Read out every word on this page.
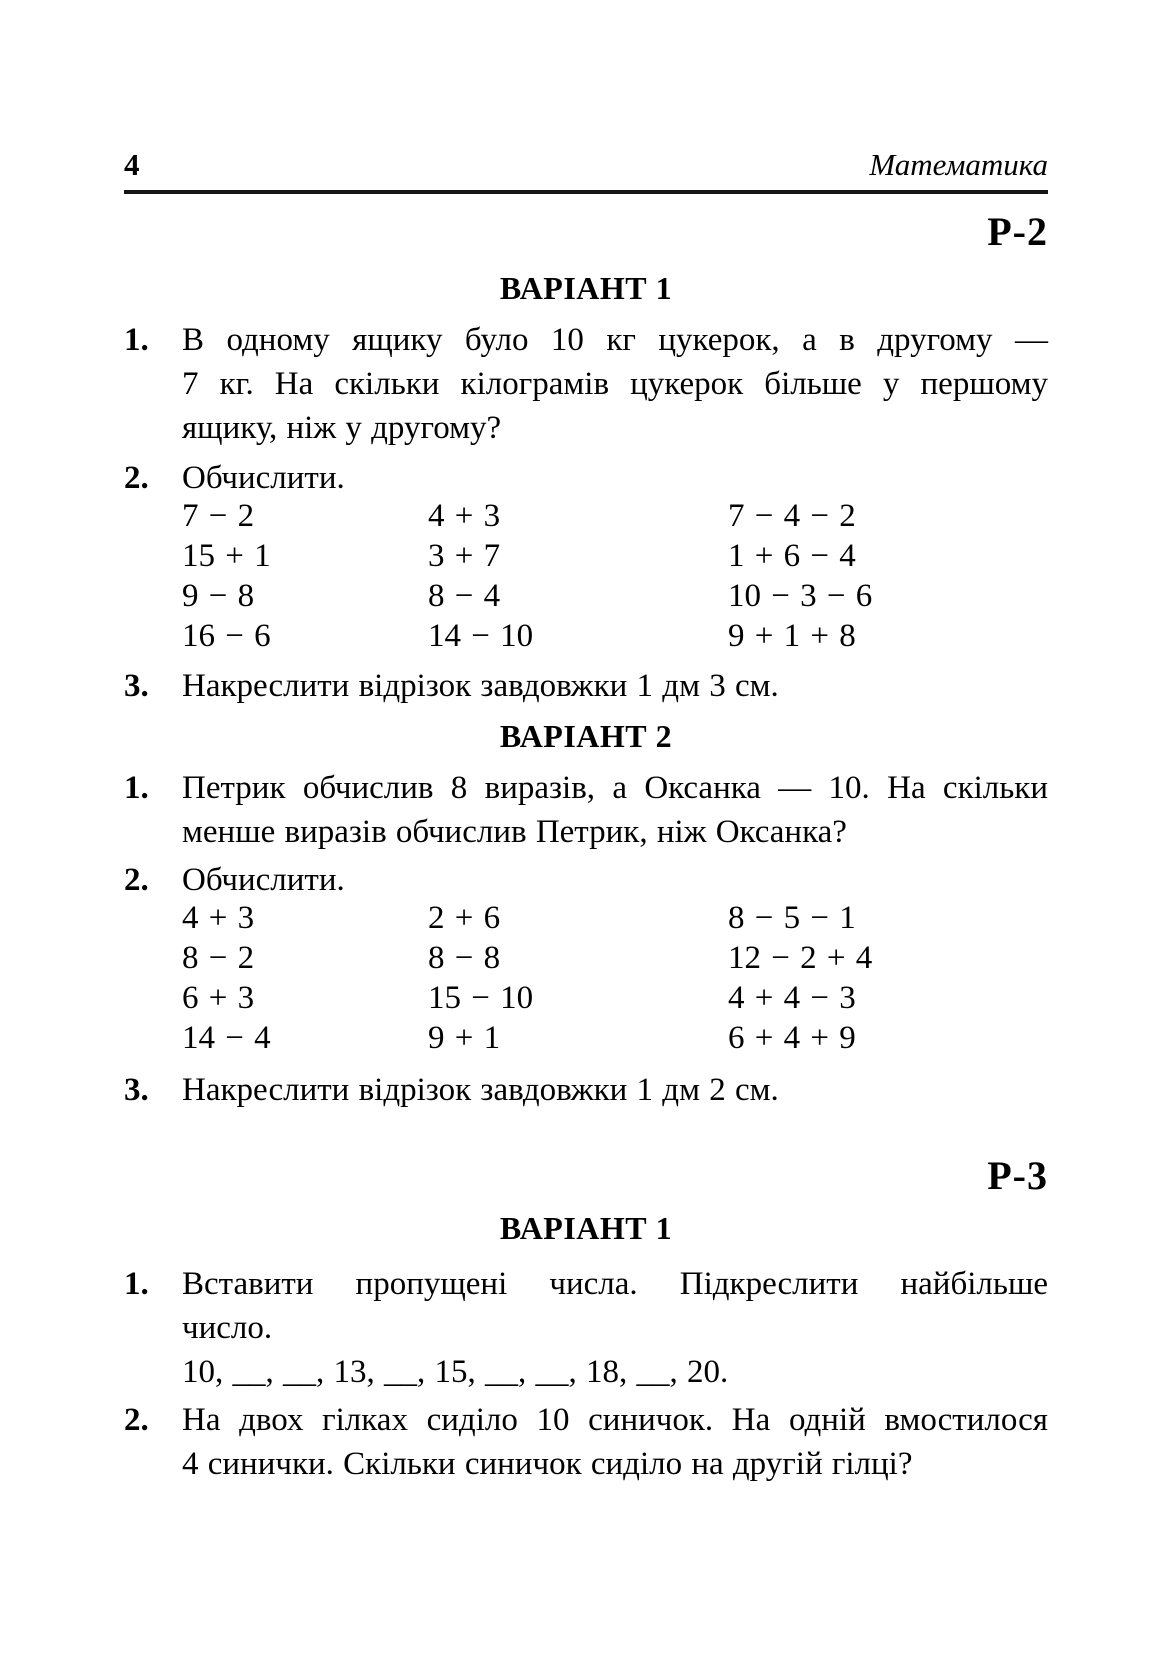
4	Математика
Р-2
ВАРІАНТ 1
1. В одному ящику було 10 кг цукерок, а в другому —
7 кг. На скільки кілограмів цукерок більше у першому
ящику, ніж у другому?
2. Обчислити.
7 − 2
15 + 1
9 − 8
16 − 6
4 + 3
3 + 7
8 − 4
14 − 10
7 − 4 − 2
1 + 6 − 4
10 − 3 − 6
9 + 1 + 8
3. Накреслити відрізок завдовжки 1 дм 3 см.
ВАРІАНТ 2
1. Петрик обчислив 8 виразів, а Оксанка — 10. На скільки
менше виразів обчислив Петрик, ніж Оксанка?
2. Обчислити.
4 + 3
8 − 2
6 + 3
14 − 4
2 + 6
8 − 8
15 − 10
9 + 1
8 − 5 − 1
12 − 2 + 4
4 + 4 − 3
6 + 4 + 9
3. Накреслити відрізок завдовжки 1 дм 2 см.
Р-3
ВАРІАНТ 1
1. Вставити пропущені числа. Підкреслити найбільше
число.
10, __, __, 13, __, 15, __, __, 18, __, 20.
2. На двох гілках сиділо 10 синичок. На одній вмостилося
4 синички. Скільки синичок сиділо на другій гілці?
